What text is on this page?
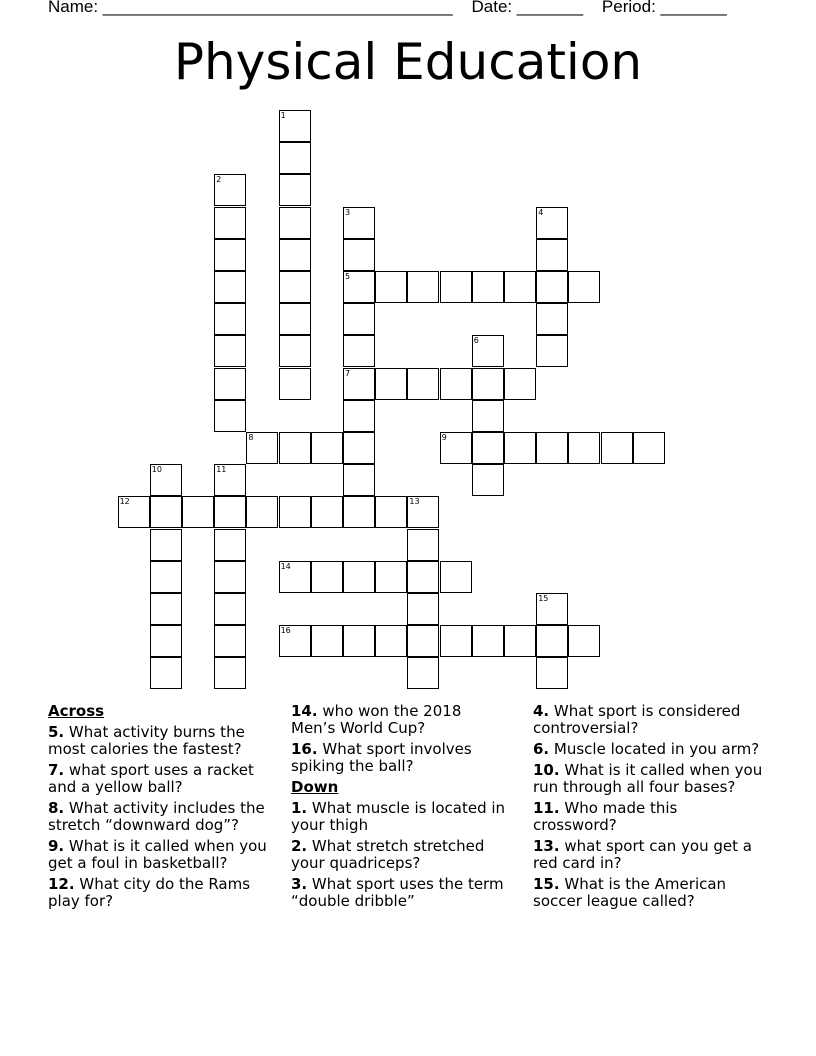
Name: _____________________________________    Date: _______    Period: _______
Physical Education
1
2
3
5
7
4
6
8	9
10	11
12	13
14
15
16
Across
5. What activity burns the most calories the fastest?
7. what sport uses a racket and a yellow ball?
8. What activity includes the stretch “downward dog”?
9. What is it called when you get a foul in basketball?
12. What city do the Rams play for?
14. who won the 2018 Men’s World Cup?
16. What sport involves spiking the ball?
Down
1. What muscle is located in your thigh
2. What stretch stretched your quadriceps?
3. What sport uses the term “double dribble”
4. What sport is considered controversial?
6. Muscle located in you arm?
10. What is it called when you run through all four bases?
11. Who made this crossword?
13. what sport can you get a red card in?
15. What is the American soccer league called?
